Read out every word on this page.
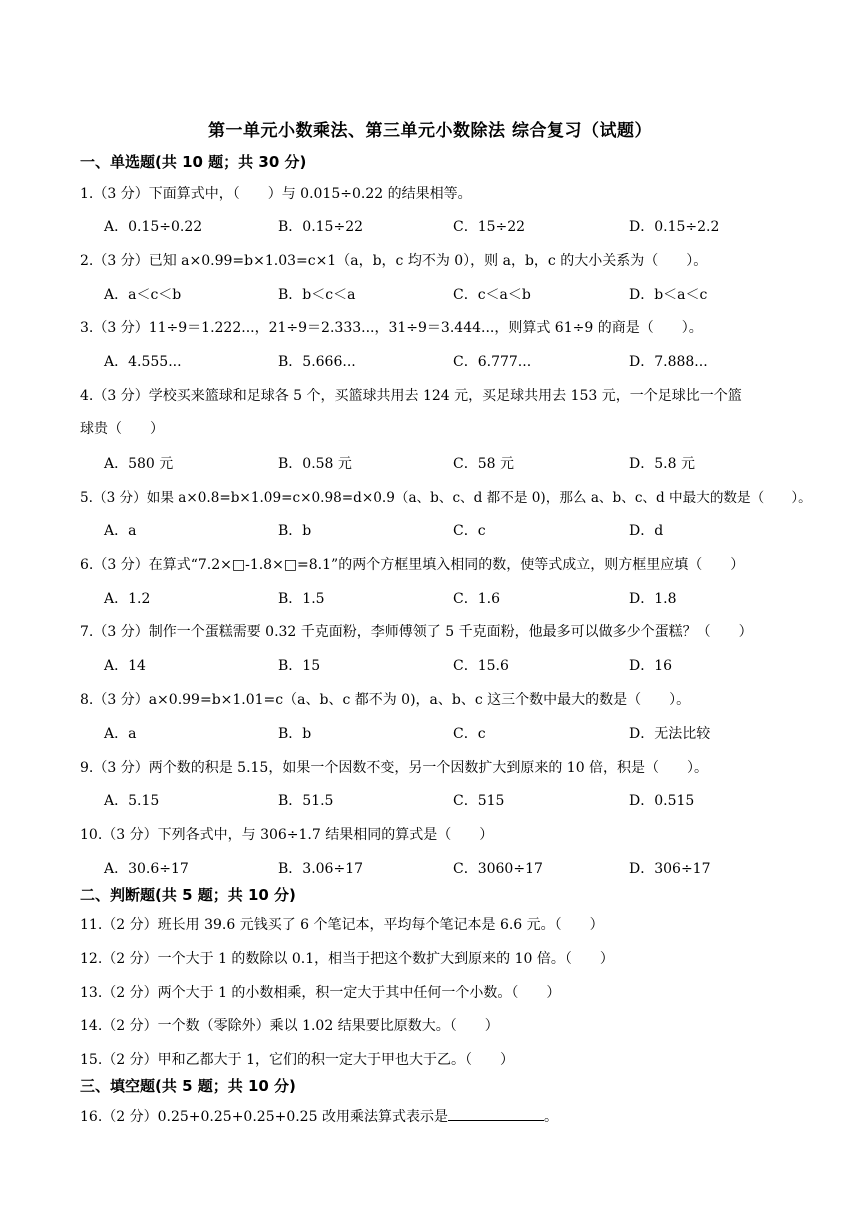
第一单元小数乘法、第三单元小数除法 综合复习（试题）
一、单选题(共 10 题；共 30 分)
1.（3 分）下面算式中，（　　）与 0.015÷0.22 的结果相等。
A．0.15÷0.22	B．0.15÷22	C．15÷22	D．0.15÷2.2
2.（3 分）已知 a×0.99=b×1.03=c×1（a，b，c 均不为 0），则 a，b，c 的大小关系为（　　）。
A．a＜c＜b	B．b＜c＜a	C．c＜a＜b	D．b＜a＜c
3.（3 分）11÷9＝1.222...，21÷9＝2.333...，31÷9＝3.444...，则算式 61÷9 的商是（　　）。
A．4.555...	B．5.666...	C．6.777...	D．7.888...
4.（3 分）学校买来篮球和足球各 5 个，买篮球共用去 124 元，买足球共用去 153 元，一个足球比一个篮
球贵（　　）
A．580 元	B．0.58 元	C．58 元	D．5.8 元
5.（3 分）如果 a×0.8=b×1.09=c×0.98=d×0.9（a、b、c、d 都不是 0)，那么 a、b、c、d 中最大的数是（　　）。
A．a	B．b	C．c	D．d
6.（3 分）在算式“7.2×□-1.8×□=8.1”的两个方框里填入相同的数，使等式成立，则方框里应填（　　）
A．1.2	B．1.5	C．1.6	D．1.8
7.（3 分）制作一个蛋糕需要 0.32 千克面粉，李师傅领了 5 千克面粉，他最多可以做多少个蛋糕？（　　）
A．14	B．15	C．15.6	D．16
8.（3 分）a×0.99=b×1.01=c（a、b、c 都不为 0)，a、b、c 这三个数中最大的数是（　　）。
A．a	B．b	C．c	D．无法比较
9.（3 分）两个数的积是 5.15，如果一个因数不变，另一个因数扩大到原来的 10 倍，积是（　　）。
A．5.15	B．51.5	C．515	D．0.515
10.（3 分）下列各式中，与 306÷1.7 结果相同的算式是（　　）
A．30.6÷17	B．3.06÷17	C．3060÷17	D．306÷17
二、判断题(共 5 题；共 10 分)
11.（2 分）班长用 39.6 元钱买了 6 个笔记本，平均每个笔记本是 6.6 元。（　　）
12.（2 分）一个大于 1 的数除以 0.1，相当于把这个数扩大到原来的 10 倍。（　　）
13.（2 分）两个大于 1 的小数相乘，积一定大于其中任何一个小数。（　　）
14.（2 分）一个数（零除外）乘以 1.02 结果要比原数大。（　　）
15.（2 分）甲和乙都大于 1，它们的积一定大于甲也大于乙。（　　）
三、填空题(共 5 题；共 10 分)
16.（2 分）0.25+0.25+0.25+0.25 改用乘法算式表示是	。
